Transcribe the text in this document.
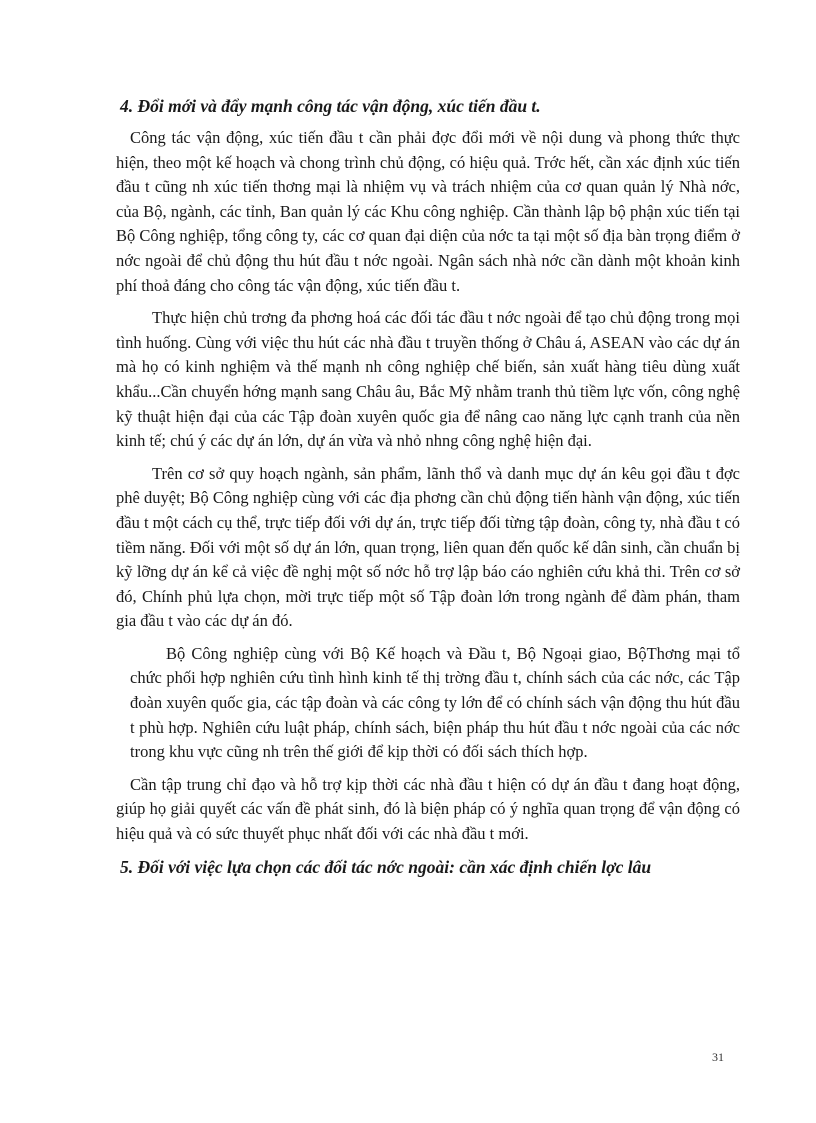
4. Đổi mới và đẩy mạnh công tác vận động, xúc tiến đầu t.

Công tác vận động, xúc tiến đầu t cần phải đợc đổi mới về nội dung và phong thức thực hiện, theo một kế hoạch và chong trình chủ động, có hiệu quả. Trớc hết, cần xác định xúc tiến đầu t cũng nh xúc tiến thơng mại là nhiệm vụ và trách nhiệm của cơ quan quản lý Nhà nớc, của Bộ, ngành, các tỉnh, Ban quản lý các Khu công nghiệp. Cần thành lập bộ phận xúc tiến tại Bộ Công nghiệp, tổng công ty, các cơ quan đại diện của nớc ta tại một số địa bàn trọng điểm ở nớc ngoài để chủ động thu hút đầu t nớc ngoài. Ngân sách nhà nớc cần dành một khoản kinh phí thoả đáng cho công tác vận động, xúc tiến đầu t.

Thực hiện chủ trơng đa phơng hoá các đối tác đầu t nớc ngoài để tạo chủ động trong mọi tình huống. Cùng với việc thu hút các nhà đầu t truyền thống ở Châu á, ASEAN vào các dự án mà họ có kinh nghiệm và thế mạnh nh công nghiệp chế biến, sản xuất hàng tiêu dùng xuất khẩu...Cần chuyển hớng mạnh sang Châu âu, Bắc Mỹ nhằm tranh thủ tiềm lực vốn, công nghệ kỹ thuật hiện đại của các Tập đoàn xuyên quốc gia để nâng cao năng lực cạnh tranh của nền kinh tế; chú ý các dự án lớn, dự án vừa và nhỏ nhng công nghệ hiện đại.

Trên cơ sở quy hoạch ngành, sản phẩm, lãnh thổ và danh mục dự án kêu gọi đầu t đợc phê duyệt; Bộ Công nghiệp cùng với các địa phơng cần chủ động tiến hành vận động, xúc tiến đầu t một cách cụ thể, trực tiếp đối với dự án, trực tiếp đối từng tập đoàn, công ty, nhà đầu t có tiềm năng. Đối với một số dự án lớn, quan trọng, liên quan đến quốc kế dân sinh, cần chuẩn bị kỹ lỡng dự án kể cả việc đề nghị một số nớc hỗ trợ lập báo cáo nghiên cứu khả thi. Trên cơ sở đó, Chính phủ lựa chọn, mời trực tiếp một số Tập đoàn lớn trong ngành để đàm phán, tham gia đầu t vào các dự án đó.

Bộ Công nghiệp cùng với Bộ Kế hoạch và Đầu t, Bộ Ngoại giao, BộThơng mại tổ chức phối hợp nghiên cứu tình hình kinh tế thị trờng đầu t, chính sách của các nớc, các Tập đoàn xuyên quốc gia, các tập đoàn và các công ty lớn để có chính sách vận động thu hút đầu t phù hợp. Nghiên cứu luật pháp, chính sách, biện pháp thu hút đầu t nớc ngoài của các nớc trong khu vực cũng nh trên thế giới để kịp thời có đối sách thích hợp.

Cần tập trung chỉ đạo và hỗ trợ kịp thời các nhà đầu t hiện có dự án đầu t đang hoạt động, giúp họ giải quyết các vấn đề phát sinh, đó là biện pháp có ý nghĩa quan trọng để vận động có hiệu quả và có sức thuyết phục nhất đối với các nhà đầu t mới.

5. Đối với việc lựa chọn các đối tác nớc ngoài: cần xác định chiến lợc lâu
31
